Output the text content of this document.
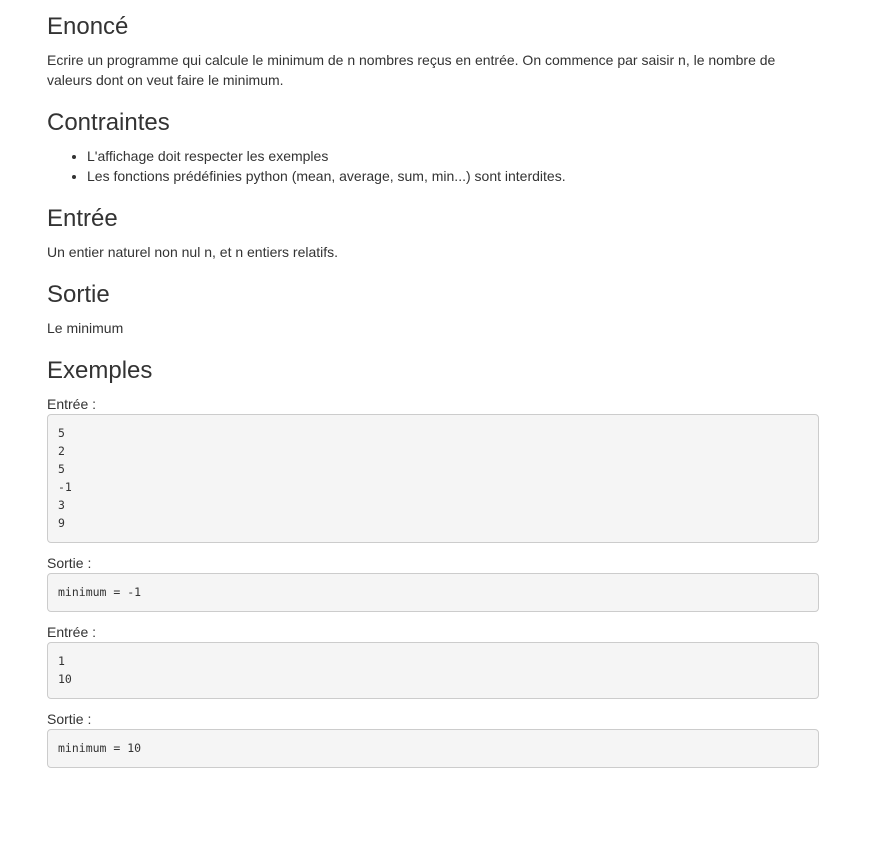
Enoncé

Ecrire un programme qui calcule le minimum de n nombres reçus en entrée. On commence par saisir n, le nombre de valeurs dont on veut faire le minimum.

Contraintes
• L'affichage doit respecter les exemples
• Les fonctions prédéfinies python (mean, average, sum, min...) sont interdites.
Entrée

Un entier naturel non nul n, et n entiers relatifs.

Sortie

Le minimum

Exemples

Entrée :

5
2
5
-1
3
9

Sortie :

minimum = -1

Entrée :

1
10

Sortie :

minimum = 10
